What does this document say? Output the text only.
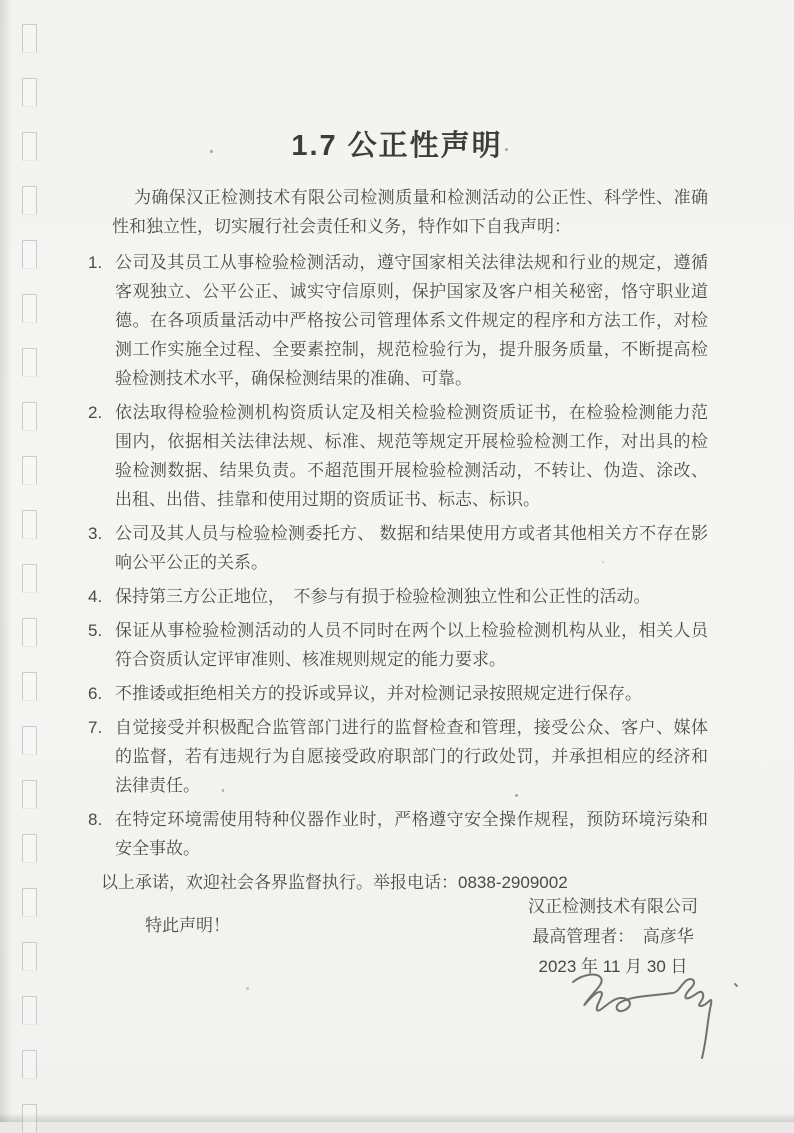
1.7 公正性声明

为确保汉正检测技术有限公司检测质量和检测活动的公正性、科学性、准确性和独立性，切实履行社会责任和义务，特作如下自我声明：

1. 公司及其员工从事检验检测活动，遵守国家相关法律法规和行业的规定，遵循客观独立、公平公正、诚实守信原则，保护国家及客户相关秘密，恪守职业道德。在各项质量活动中严格按公司管理体系文件规定的程序和方法工作，对检测工作实施全过程、全要素控制，规范检验行为，提升服务质量，不断提高检验检测技术水平，确保检测结果的准确、可靠。
2. 依法取得检验检测机构资质认定及相关检验检测资质证书，在检验检测能力范围内，依据相关法律法规、标准、规范等规定开展检验检测工作，对出具的检验检测数据、结果负责。不超范围开展检验检测活动，不转让、伪造、涂改、出租、出借、挂靠和使用过期的资质证书、标志、标识。
3. 公司及其人员与检验检测委托方、 数据和结果使用方或者其他相关方不存在影响公平公正的关系。
4. 保持第三方公正地位，　不参与有损于检验检测独立性和公正性的活动。
5. 保证从事检验检测活动的人员不同时在两个以上检验检测机构从业，相关人员符合资质认定评审准则、核准规则规定的能力要求。
6. 不推诿或拒绝相关方的投诉或异议，并对检测记录按照规定进行保存。
7. 自觉接受并积极配合监管部门进行的监督检查和管理，接受公众、客户、媒体的监督，若有违规行为自愿接受政府职部门的行政处罚，并承担相应的经济和法律责任。
8. 在特定环境需使用特种仪器作业时，严格遵守安全操作规程，预防环境污染和安全事故。

以上承诺，欢迎社会各界监督执行。举报电话：0838-2909002

特此声明！

汉正检测技术有限公司
最高管理者：　高彦华
2023 年 11 月 30 日
